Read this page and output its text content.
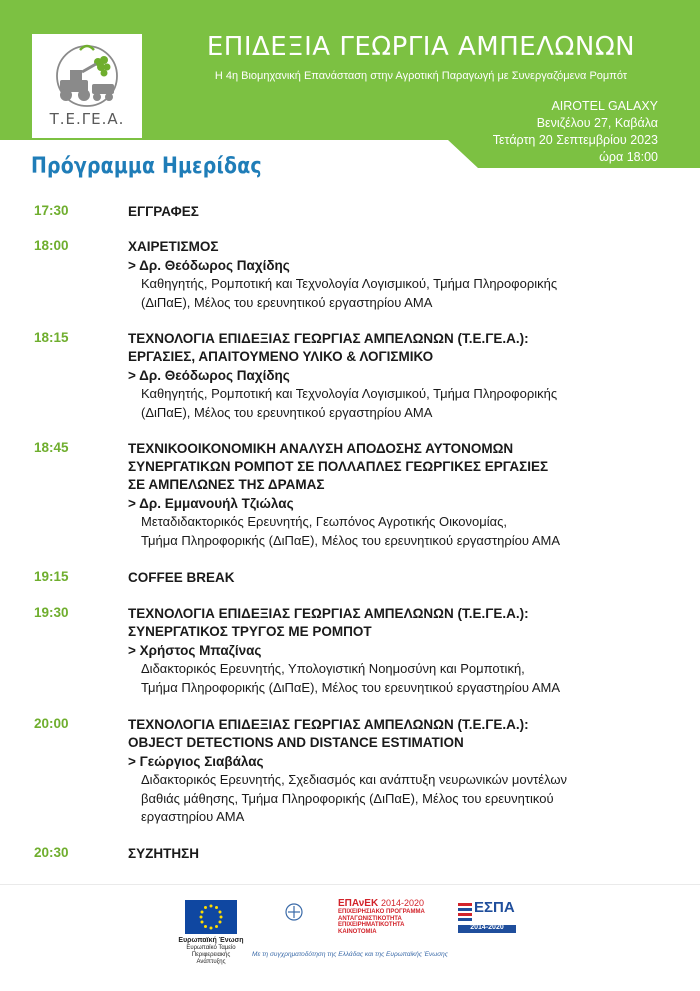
Τ.Ε.ΓΕ.Α.
ΕΠΙΔΕΞΙΑ ΓΕΩΡΓΙΑ ΑΜΠΕΛΩΝΩΝ
Η 4η Βιομηχανική Επανάσταση στην Αγροτική Παραγωγή με Συνεργαζόμενα Ρομπότ
AIROTEL GALAXY
Βενιζέλου 27, Καβάλα
Τετάρτη 20 Σεπτεμβρίου 2023
ώρα 18:00
Πρόγραμμα Ημερίδας
17:30	ΕΓΓΡΑΦΕΣ
18:00	ΧΑΙΡΕΤΙΣΜΟΣ
> Δρ. Θεόδωρος Παχίδης
Καθηγητής, Ρομποτική και Τεχνολογία Λογισμικού, Τμήμα Πληροφορικής
(ΔιΠαΕ), Μέλος του ερευνητικού εργαστηρίου ΑΜΑ
18:15	ΤΕΧΝΟΛΟΓΙΑ ΕΠΙΔΕΞΙΑΣ ΓΕΩΡΓΙΑΣ ΑΜΠΕΛΩΝΩΝ (Τ.Ε.ΓΕ.Α.):
ΕΡΓΑΣΙΕΣ, ΑΠΑΙΤΟΥΜΕΝΟ ΥΛΙΚΟ & ΛΟΓΙΣΜΙΚΟ
> Δρ. Θεόδωρος Παχίδης
Καθηγητής, Ρομποτική και Τεχνολογία Λογισμικού, Τμήμα Πληροφορικής
(ΔιΠαΕ), Μέλος του ερευνητικού εργαστηρίου ΑΜΑ
18:45	ΤΕΧΝΙΚΟΟΙΚΟΝΟΜΙΚΗ ΑΝΑΛΥΣΗ ΑΠΟΔΟΣΗΣ ΑΥΤΟΝΟΜΩΝ
ΣΥΝΕΡΓΑΤΙΚΩΝ ΡΟΜΠΟΤ ΣΕ ΠΟΛΛΑΠΛΕΣ ΓΕΩΡΓΙΚΕΣ ΕΡΓΑΣΙΕΣ
ΣΕ ΑΜΠΕΛΩΝΕΣ ΤΗΣ ΔΡΑΜΑΣ
> Δρ. Εμμανουήλ Τζιώλας
Μεταδιδακτορικός Ερευνητής, Γεωπόνος Αγροτικής Οικονομίας,
Τμήμα Πληροφορικής (ΔιΠαΕ), Μέλος του ερευνητικού εργαστηρίου ΑΜΑ
19:15	COFFEE BREAK
19:30	ΤΕΧΝΟΛΟΓΙΑ ΕΠΙΔΕΞΙΑΣ ΓΕΩΡΓΙΑΣ ΑΜΠΕΛΩΝΩΝ (Τ.Ε.ΓΕ.Α.):
ΣΥΝΕΡΓΑΤΙΚΟΣ ΤΡΥΓΟΣ ΜΕ ΡΟΜΠΟΤ
> Χρήστος Μπαζίνας
Διδακτορικός Ερευνητής, Υπολογιστική Νοημοσύνη και Ρομποτική,
Τμήμα Πληροφορικής (ΔιΠαΕ), Μέλος του ερευνητικού εργαστηρίου ΑΜΑ
20:00	ΤΕΧΝΟΛΟΓΙΑ ΕΠΙΔΕΞΙΑΣ ΓΕΩΡΓΙΑΣ ΑΜΠΕΛΩΝΩΝ (Τ.Ε.ΓΕ.Α.):
OBJECT DETECTIONS AND DISTANCE ESTIMATION
> Γεώργιος Σιαβάλας
Διδακτορικός Ερευνητής, Σχεδιασμός και ανάπτυξη νευρωνικών μοντέλων
βαθιάς μάθησης, Τμήμα Πληροφορικής (ΔιΠαΕ), Μέλος του ερευνητικού
εργαστηρίου ΑΜΑ
20:30	ΣΥΖΗΤΗΣΗ
Ευρωπαϊκή Ένωση
Ευρωπαϊκό Ταμείο Περιφερειακής Ανάπτυξης
ΕΠΑνΕΚ 2014-2020
ΕΠΙΧΕΙΡΗΣΙΑΚΟ ΠΡΟΓΡΑΜΜΑ
ΑΝΤΑΓΩΝΙΣΤΙΚΟΤΗΤΑ
ΕΠΙΧΕΙΡΗΜΑΤΙΚΟΤΗΤΑ
ΚΑΙΝΟΤΟΜΙΑ
ΕΣΠΑ
2014-2020
Με τη συγχρηματοδότηση της Ελλάδας και της Ευρωπαϊκής Ένωσης
